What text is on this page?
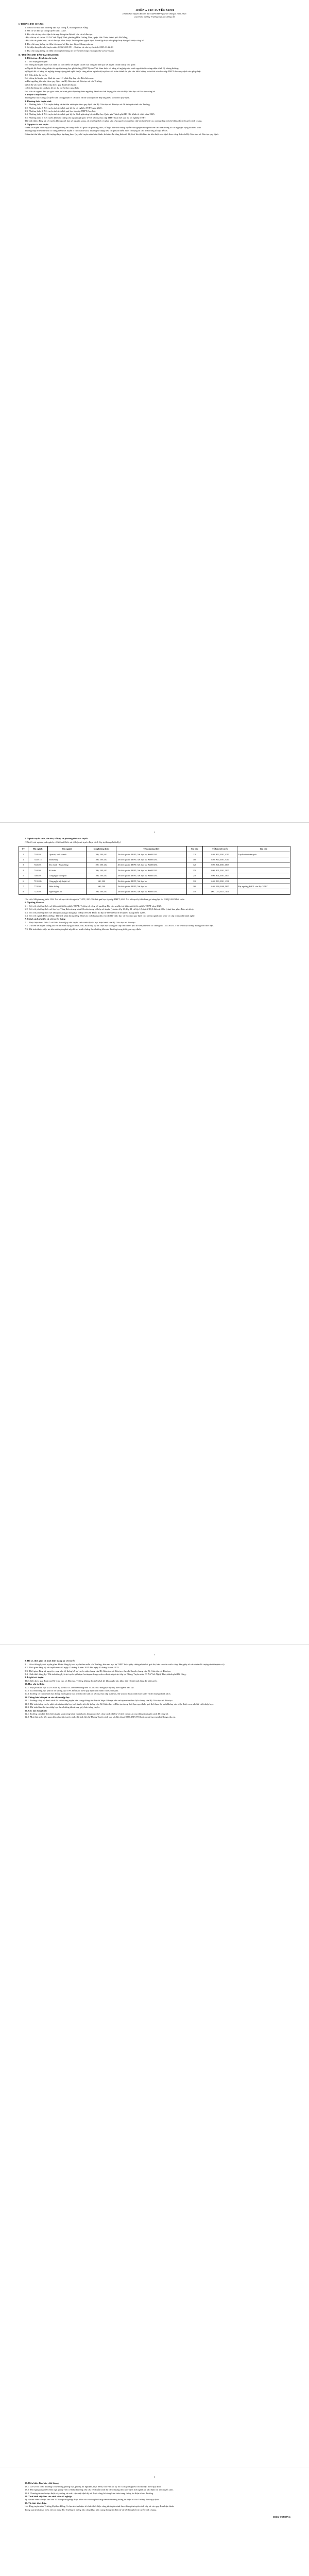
THÔNG TIN TUYỂN SINH
(Kèm theo Quyết định số 143/QĐ-ĐHĐ ngày 10 tháng 4 năm 2025
của Hiệu trưởng Trường Đại học Đông Á)

I. THÔNG TIN CHUNG

1. Tên cơ sở đào tạo: Trường Đại học Đông Á, thành phố Đà Nẵng.

2. Mã cơ sở đào tạo trong tuyển sinh: DAD.

3. Địa chỉ các trụ sở và địa chỉ trang thông tin điện tử của cơ sở đào tạo.

- Địa chỉ trụ sở chính: 33 Xô Viết Nghệ Tĩnh, phường Hòa Cường Nam, quận Hải Châu, thành phố Đà Nẵng.

- Địa chỉ các phân hiệu, cơ sở đào tạo khác thuộc Trường theo quyết định thành lập hoặc cho phép hoạt động đã được công bố.

4. Địa chỉ trang thông tin điện tử của cơ sở đào tạo: https://donga.edu.vn

5. Số điện thoại liên hệ tuyển sinh: 0236.3519.991 - Hotline tư vấn tuyển sinh: 0905.11.22.99

6. Địa chỉ trang thông tin điện tử công bố thông tin tuyển sinh: https://donga.edu.vn/tuyensinh

II. TUYỂN SINH ĐÀO TẠO ĐẠI HỌC

1. Đối tượng, điều kiện dự tuyển

1.1. Đối tượng dự tuyển

Đối tượng dự tuyển được xác định tại thời điểm xét tuyển (trước khi công bố kết quả xét tuyển chính thức), bao gồm:

a) Người đã được công nhận tốt nghiệp trung học phổ thông (THPT) của Việt Nam hoặc có bằng tốt nghiệp của nước ngoài được công nhận trình độ tương đương;

b) Người đã có bằng tốt nghiệp trung cấp ngành nghề thuộc cùng nhóm ngành dự tuyển và đã hoàn thành đủ yêu cầu khối lượng kiến thức văn hóa cấp THPT theo quy định của pháp luật.

1.2. Điều kiện dự tuyển

Đối tượng dự tuyển quy định tại mục 1.1 phải đáp ứng các điều kiện sau:

a) Đạt ngưỡng đầu vào theo quy định của Bộ Giáo dục và Đào tạo và của Trường;

b) Có đủ sức khỏe để học tập theo quy định hiện hành;

c) Có đủ thông tin cá nhân, hồ sơ dự tuyển theo quy định.

Đối với các ngành đào tạo giáo viên, thí sinh phải đáp ứng thêm ngưỡng đảm bảo chất lượng đầu vào do Bộ Giáo dục và Đào tạo công bố.

2. Phạm vi tuyển sinh

Trường Đại học Đông Á tuyển sinh trong phạm vi cả nước và thí sinh quốc tế đáp ứng điều kiện theo quy định.

3. Phương thức tuyển sinh

3.1. Phương thức 1: Xét tuyển thẳng và ưu tiên xét tuyển theo quy định của Bộ Giáo dục và Đào tạo và đề án tuyển sinh của Trường.

3.2. Phương thức 2: Xét tuyển dựa trên kết quả kỳ thi tốt nghiệp THPT năm 2025.

3.3. Phương thức 3: Xét tuyển dựa trên kết quả học tập cấp THPT (học bạ).

3.4. Phương thức 4: Xét tuyển dựa trên kết quả kỳ thi đánh giá năng lực do Đại học Quốc gia Thành phố Hồ Chí Minh tổ chức năm 2025.

3.5. Phương thức 5: Xét tuyển kết hợp chứng chỉ ngoại ngữ quốc tế với kết quả học tập THPT hoặc kết quả thi tốt nghiệp THPT.

Thí sinh được đăng ký xét tuyển không giới hạn số nguyện vọng, số phương thức và phải sắp xếp nguyện vọng theo thứ tự ưu tiên từ cao xuống thấp trên hệ thống hỗ trợ tuyển sinh chung.

4. Nguyên tắc xét tuyển

Điểm xét tuyển được quy đổi tương đương về thang điểm 30 giữa các phương thức, tổ hợp. Thí sinh trúng tuyển vào nguyện vọng ưu tiên cao nhất trong số các nguyện vọng đủ điều kiện.

Trường hợp nhiều thí sinh có cùng điểm xét tuyển ở cuối danh sách, Trường sử dụng tiêu chí phụ là điểm môn có trọng số cao nhất trong tổ hợp để xét.

Điểm ưu tiên khu vực, đối tượng được áp dụng theo Quy chế tuyển sinh hiện hành; thí sinh đạt tổng điểm từ 22,5 trở lên thì điểm ưu tiên được xác định theo công thức do Bộ Giáo dục và Đào tạo quy định.

2

5. Ngành tuyển sinh, chỉ tiêu, tổ hợp và phương thức xét tuyển

(Chi tiết các ngành, mã ngành, chỉ tiêu dự kiến và tổ hợp xét tuyển được trình bày tại bảng dưới đây)

TT	Mã ngành	Tên ngành	Mã phương thức	Tên phương thức	Chỉ tiêu	Tổ hợp xét tuyển	Ghi chú
1	7340101	Quản trị kinh doanh	100; 200; 402	Xét kết quả thi THPT; Xét học bạ; Xét ĐGNL	220	A00, A01, D01, C00	Tuyển sinh toàn quốc
2	7340115	Marketing	100; 200; 402	Xét kết quả thi THPT; Xét học bạ; Xét ĐGNL	180	A00, A01, D01, C00	
3	7340201	Tài chính - Ngân hàng	100; 200; 402	Xét kết quả thi THPT; Xét học bạ; Xét ĐGNL	120	A00, A01, D01, D07	
4	7340301	Kế toán	100; 200; 402	Xét kết quả thi THPT; Xét học bạ; Xét ĐGNL	150	A00, A01, D01, D07	
5	7480201	Công nghệ thông tin	100; 200; 402	Xét kết quả thi THPT; Xét học bạ; Xét ĐGNL	250	A00, A01, D01, D07	
6	7510205	Công nghệ kỹ thuật ô tô	100; 200	Xét kết quả thi THPT; Xét học bạ	120	A00, A01, D01, C01	
7	7720301	Điều dưỡng	100; 200	Xét kết quả thi THPT; Xét học bạ	160	A00, B00, B08, D07	Đạt ngưỡng ĐBCL của Bộ GDĐT
8	7220201	Ngôn ngữ Anh	100; 200; 402	Xét kết quả thi THPT; Xét học bạ; Xét ĐGNL	150	D01, D14, D15, A01	

Ghi chú: Mã phương thức 100: Xét kết quả thi tốt nghiệp THPT; 200: Xét kết quả học tập cấp THPT; 402: Xét kết quả kỳ thi đánh giá năng lực do ĐHQG-HCM tổ chức.

6. Ngưỡng đầu vào

6.1. Đối với phương thức xét kết quả thi tốt nghiệp THPT: Trường sẽ công bố ngưỡng đầu vào sau khi có kết quả thi tốt nghiệp THPT năm 2025.

6.2. Đối với phương thức xét học bạ: Tổng điểm trung bình 03 môn trong tổ hợp xét tuyển (cả năm lớp 10, lớp 11 và lớp 12) đạt từ 18,0 điểm trở lên (chưa bao gồm điểm ưu tiên).

6.3. Đối với phương thức xét kết quả đánh giá năng lực ĐHQG-HCM: Điểm thi đạt từ 600 điểm trở lên (theo thang điểm 1200).

6.4. Đối với ngành Điều dưỡng: Thí sinh phải đạt ngưỡng đảm bảo chất lượng đầu vào do Bộ Giáo dục và Đào tạo quy định cho nhóm ngành sức khỏe có cấp chứng chỉ hành nghề.

7. Chính sách ưu tiên và xét tuyển thẳng

7.1. Thực hiện theo Điều 7 và Điều 8 của Quy chế tuyển sinh trình độ đại học hiện hành của Bộ Giáo dục và Đào tạo.

7.2. Ưu tiên xét tuyển thẳng đối với thí sinh đạt giải Nhất, Nhì, Ba trong kỳ thi chọn học sinh giỏi cấp tỉnh/thành phố trở lên; thí sinh có chứng chỉ IELTS từ 5.5 trở lên hoặc tương đương còn thời hạn.

7.3. Thí sinh thuộc diện ưu tiên xét tuyển phải nộp hồ sơ minh chứng theo hướng dẫn của Trường trong thời gian quy định.

3

8. Hồ sơ, thời gian và hình thức đăng ký xét tuyển

8.1. Hồ sơ đăng ký xét tuyển gồm: Phiếu đăng ký xét tuyển theo mẫu của Trường; bản sao học bạ THPT hoặc giấy chứng nhận kết quả thi; bản sao căn cước công dân; giấy tờ xác nhận đối tượng ưu tiên (nếu có).

8.2. Thời gian đăng ký xét tuyển sớm: từ ngày 15 tháng 4 năm 2025 đến ngày 30 tháng 6 năm 2025.

8.3. Thời gian đăng ký nguyện vọng trên hệ thống hỗ trợ tuyển sinh chung của Bộ Giáo dục và Đào tạo: theo kế hoạch chung của Bộ Giáo dục và Đào tạo.

8.4. Hình thức đăng ký: Thí sinh đăng ký trực tuyến tại https://xettuyen.donga.edu.vn hoặc nộp trực tiếp tại Phòng Tuyển sinh, 33 Xô Viết Nghệ Tĩnh, thành phố Đà Nẵng.

9. Lệ phí xét tuyển

Thực hiện theo quy định của Bộ Giáo dục và Đào tạo. Trường không thu thêm bất kỳ khoản phí nào khác đối với thí sinh đăng ký xét tuyển.

10. Học phí dự kiến

10.1. Học phí năm học 2025-2026 dự kiến từ 14.500.000 đồng đến 19.500.000 đồng/học kỳ tùy theo ngành đào tạo.

10.2. Lộ trình tăng học phí tối đa không quá 10% mỗi năm theo quy định hiện hành của Chính phủ.

10.3. Trường có chính sách học bổng, miễn giảm học phí cho thí sinh có kết quả học tập xuất sắc, thí sinh có hoàn cảnh khó khăn và đối tượng chính sách.

11. Thông báo kết quả và xác nhận nhập học

11.1. Trường công bố danh sách thí sinh trúng tuyển trên trang thông tin điện tử https://donga.edu.vn/tuyensinh theo lịch chung của Bộ Giáo dục và Đào tạo.

11.2. Thí sinh trúng tuyển phải xác nhận nhập học trực tuyến trên hệ thống của Bộ Giáo dục và Đào tạo trong thời hạn quy định; quá thời hạn, thí sinh không xác nhận được xem như từ chối nhập học.

11.3. Thí sinh làm thủ tục nhập học theo hướng dẫn trong giấy báo trúng tuyển.

12. Các nội dung khác

12.1. Trường cam kết thực hiện tuyển sinh công khai, minh bạch, đúng quy chế; chịu trách nhiệm về tính chính xác của thông tin tuyển sinh đã công bố.

12.2. Mọi thắc mắc liên quan đến công tác tuyển sinh, thí sinh liên hệ Phòng Tuyển sinh qua số điện thoại 0236.3519.991 hoặc email tuyensinh@donga.edu.vn.

4

13. Điều kiện đảm bảo chất lượng

13.1. Cơ sở vật chất: Trường có hệ thống phòng học, phòng thí nghiệm, thực hành, thư viện và ký túc xá đáp ứng yêu cầu đào tạo theo quy định.

13.2. Đội ngũ giảng viên: Đội ngũ giảng viên cơ hữu đáp ứng yêu cầu về chuẩn trình độ và số lượng theo quy định mở ngành và xác định chỉ tiêu tuyển sinh.

13.3. Chương trình đào tạo được xây dựng, rà soát, cập nhật định kỳ và được công bố công khai trên trang thông tin điện tử của Trường.

14. Tình hình việc làm của sinh viên tốt nghiệp

Tỷ lệ sinh viên có việc làm sau 12 tháng tốt nghiệp được khảo sát và công bố hằng năm trên trang thông tin điện tử của Trường theo quy định.

15. Tổ chức thực hiện

Hội đồng tuyển sinh Trường Đại học Đông Á chịu trách nhiệm tổ chức thực hiện công tác tuyển sinh theo thông tin tuyển sinh này và các quy định hiện hành.

Trong quá trình thực hiện, nếu có thay đổi, Trường sẽ thông báo công khai trên trang thông tin điện tử và hệ thống hỗ trợ tuyển sinh chung.

HIỆU TRƯỞNG
